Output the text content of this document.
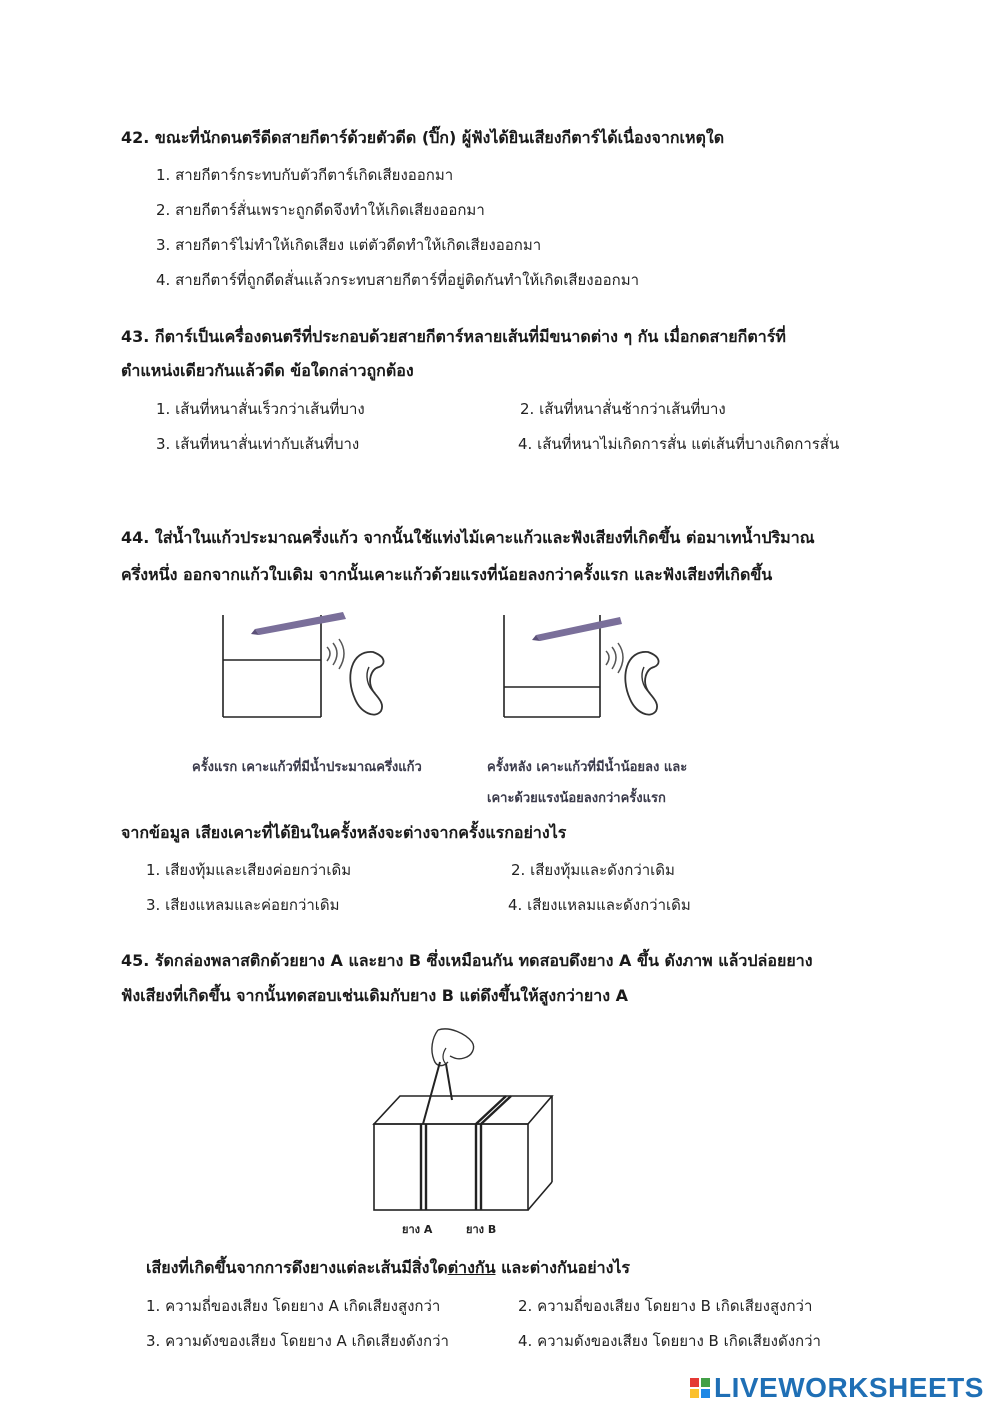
42. ขณะที่นักดนตรีดีดสายกีตาร์ด้วยตัวดีด (ปิ๊ก) ผู้ฟังได้ยินเสียงกีตาร์ได้เนื่องจากเหตุใด
1. สายกีตาร์กระทบกับตัวกีตาร์เกิดเสียงออกมา
2. สายกีตาร์สั่นเพราะถูกดีดจึงทำให้เกิดเสียงออกมา
3. สายกีตาร์ไม่ทำให้เกิดเสียง แต่ตัวดีดทำให้เกิดเสียงออกมา
4. สายกีตาร์ที่ถูกดีดสั่นแล้วกระทบสายกีตาร์ที่อยู่ติดกันทำให้เกิดเสียงออกมา
43. กีตาร์เป็นเครื่องดนตรีที่ประกอบด้วยสายกีตาร์หลายเส้นที่มีขนาดต่าง ๆ กัน เมื่อกดสายกีตาร์ที่
ตำแหน่งเดียวกันแล้วดีด ข้อใดกล่าวถูกต้อง
1. เส้นที่หนาสั่นเร็วกว่าเส้นที่บาง	2. เส้นที่หนาสั่นช้ากว่าเส้นที่บาง
3. เส้นที่หนาสั่นเท่ากับเส้นที่บาง	4. เส้นที่หนาไม่เกิดการสั่น แต่เส้นที่บางเกิดการสั่น
44. ใส่น้ำในแก้วประมาณครึ่งแก้ว จากนั้นใช้แท่งไม้เคาะแก้วและฟังเสียงที่เกิดขึ้น ต่อมาเทน้ำปริมาณ
ครึ่งหนึ่ง ออกจากแก้วใบเดิม จากนั้นเคาะแก้วด้วยแรงที่น้อยลงกว่าครั้งแรก และฟังเสียงที่เกิดขึ้น
ครั้งแรก เคาะแก้วที่มีน้ำประมาณครึ่งแก้ว	ครั้งหลัง เคาะแก้วที่มีน้ำน้อยลง และ
เคาะด้วยแรงน้อยลงกว่าครั้งแรก
จากข้อมูล เสียงเคาะที่ได้ยินในครั้งหลังจะต่างจากครั้งแรกอย่างไร
1. เสียงทุ้มและเสียงค่อยกว่าเดิม	2. เสียงทุ้มและดังกว่าเดิม
3. เสียงแหลมและค่อยกว่าเดิม	4. เสียงแหลมและดังกว่าเดิม
45. รัดกล่องพลาสติกด้วยยาง A และยาง B ซึ่งเหมือนกัน ทดสอบดึงยาง A ขึ้น ดังภาพ แล้วปล่อยยาง
ฟังเสียงที่เกิดขึ้น จากนั้นทดสอบเช่นเดิมกับยาง B แต่ดึงขึ้นให้สูงกว่ายาง A
ยาง A	ยาง B
เสียงที่เกิดขึ้นจากการดึงยางแต่ละเส้นมีสิ่งใดต่างกัน และต่างกันอย่างไร
1. ความถี่ของเสียง โดยยาง A เกิดเสียงสูงกว่า	2. ความถี่ของเสียง โดยยาง B เกิดเสียงสูงกว่า
3. ความดังของเสียง โดยยาง A เกิดเสียงดังกว่า	4. ความดังของเสียง โดยยาง B เกิดเสียงดังกว่า
LIVEWORKSHEETS
